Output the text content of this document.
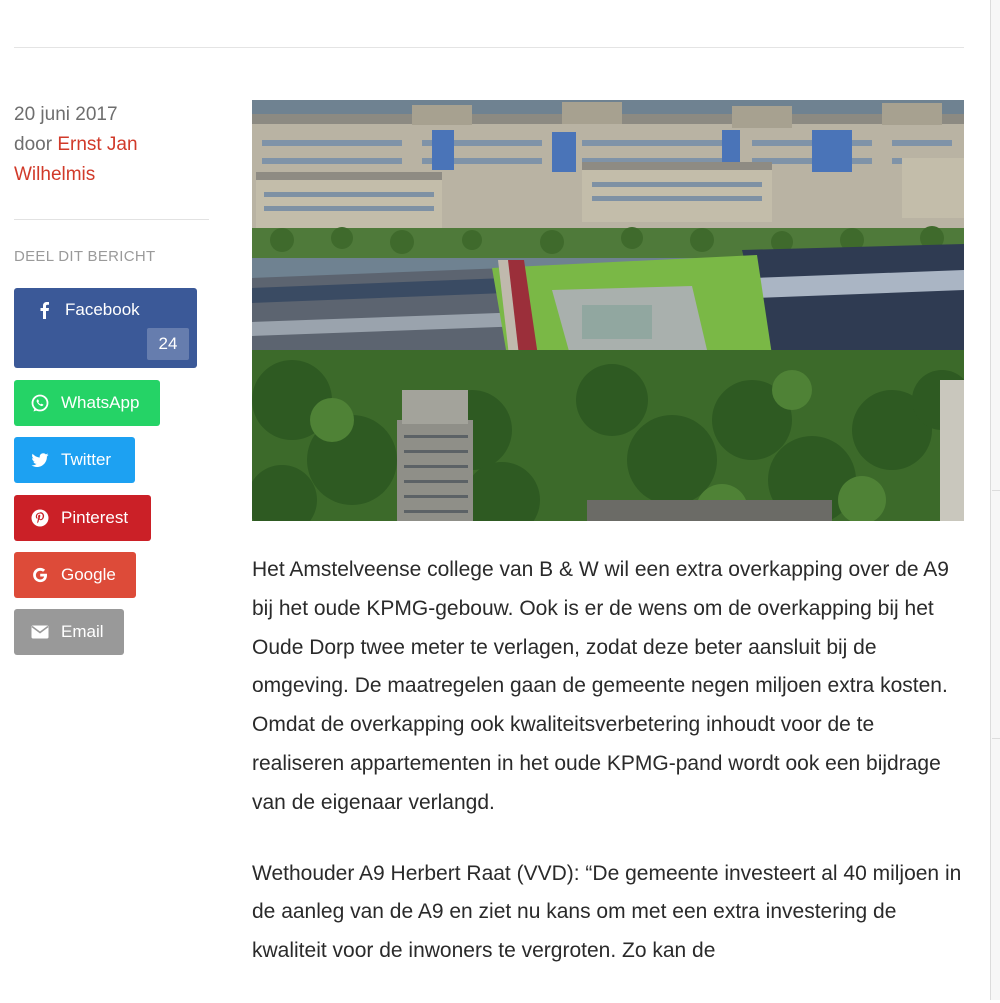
20 juni 2017
door Ernst Jan Wilhelmis
DEEL DIT BERICHT
Facebook
24
WhatsApp
Twitter
Pinterest
Google
Email

Het Amstelveense college van B & W wil een extra overkapping over de A9 bij het oude KPMG-gebouw. Ook is er de wens om de overkapping bij het Oude Dorp twee meter te verlagen, zodat deze beter aansluit bij de omgeving. De maatregelen gaan de gemeente negen miljoen extra kosten. Omdat de overkapping ook kwaliteitsverbetering inhoudt voor de te realiseren appartementen in het oude KPMG-pand wordt ook een bijdrage van de eigenaar verlangd.

Wethouder A9 Herbert Raat (VVD): “De gemeente investeert al 40 miljoen in de aanleg van de A9 en ziet nu kans om met een extra investering de kwaliteit voor de inwoners te vergroten. Zo kan de
